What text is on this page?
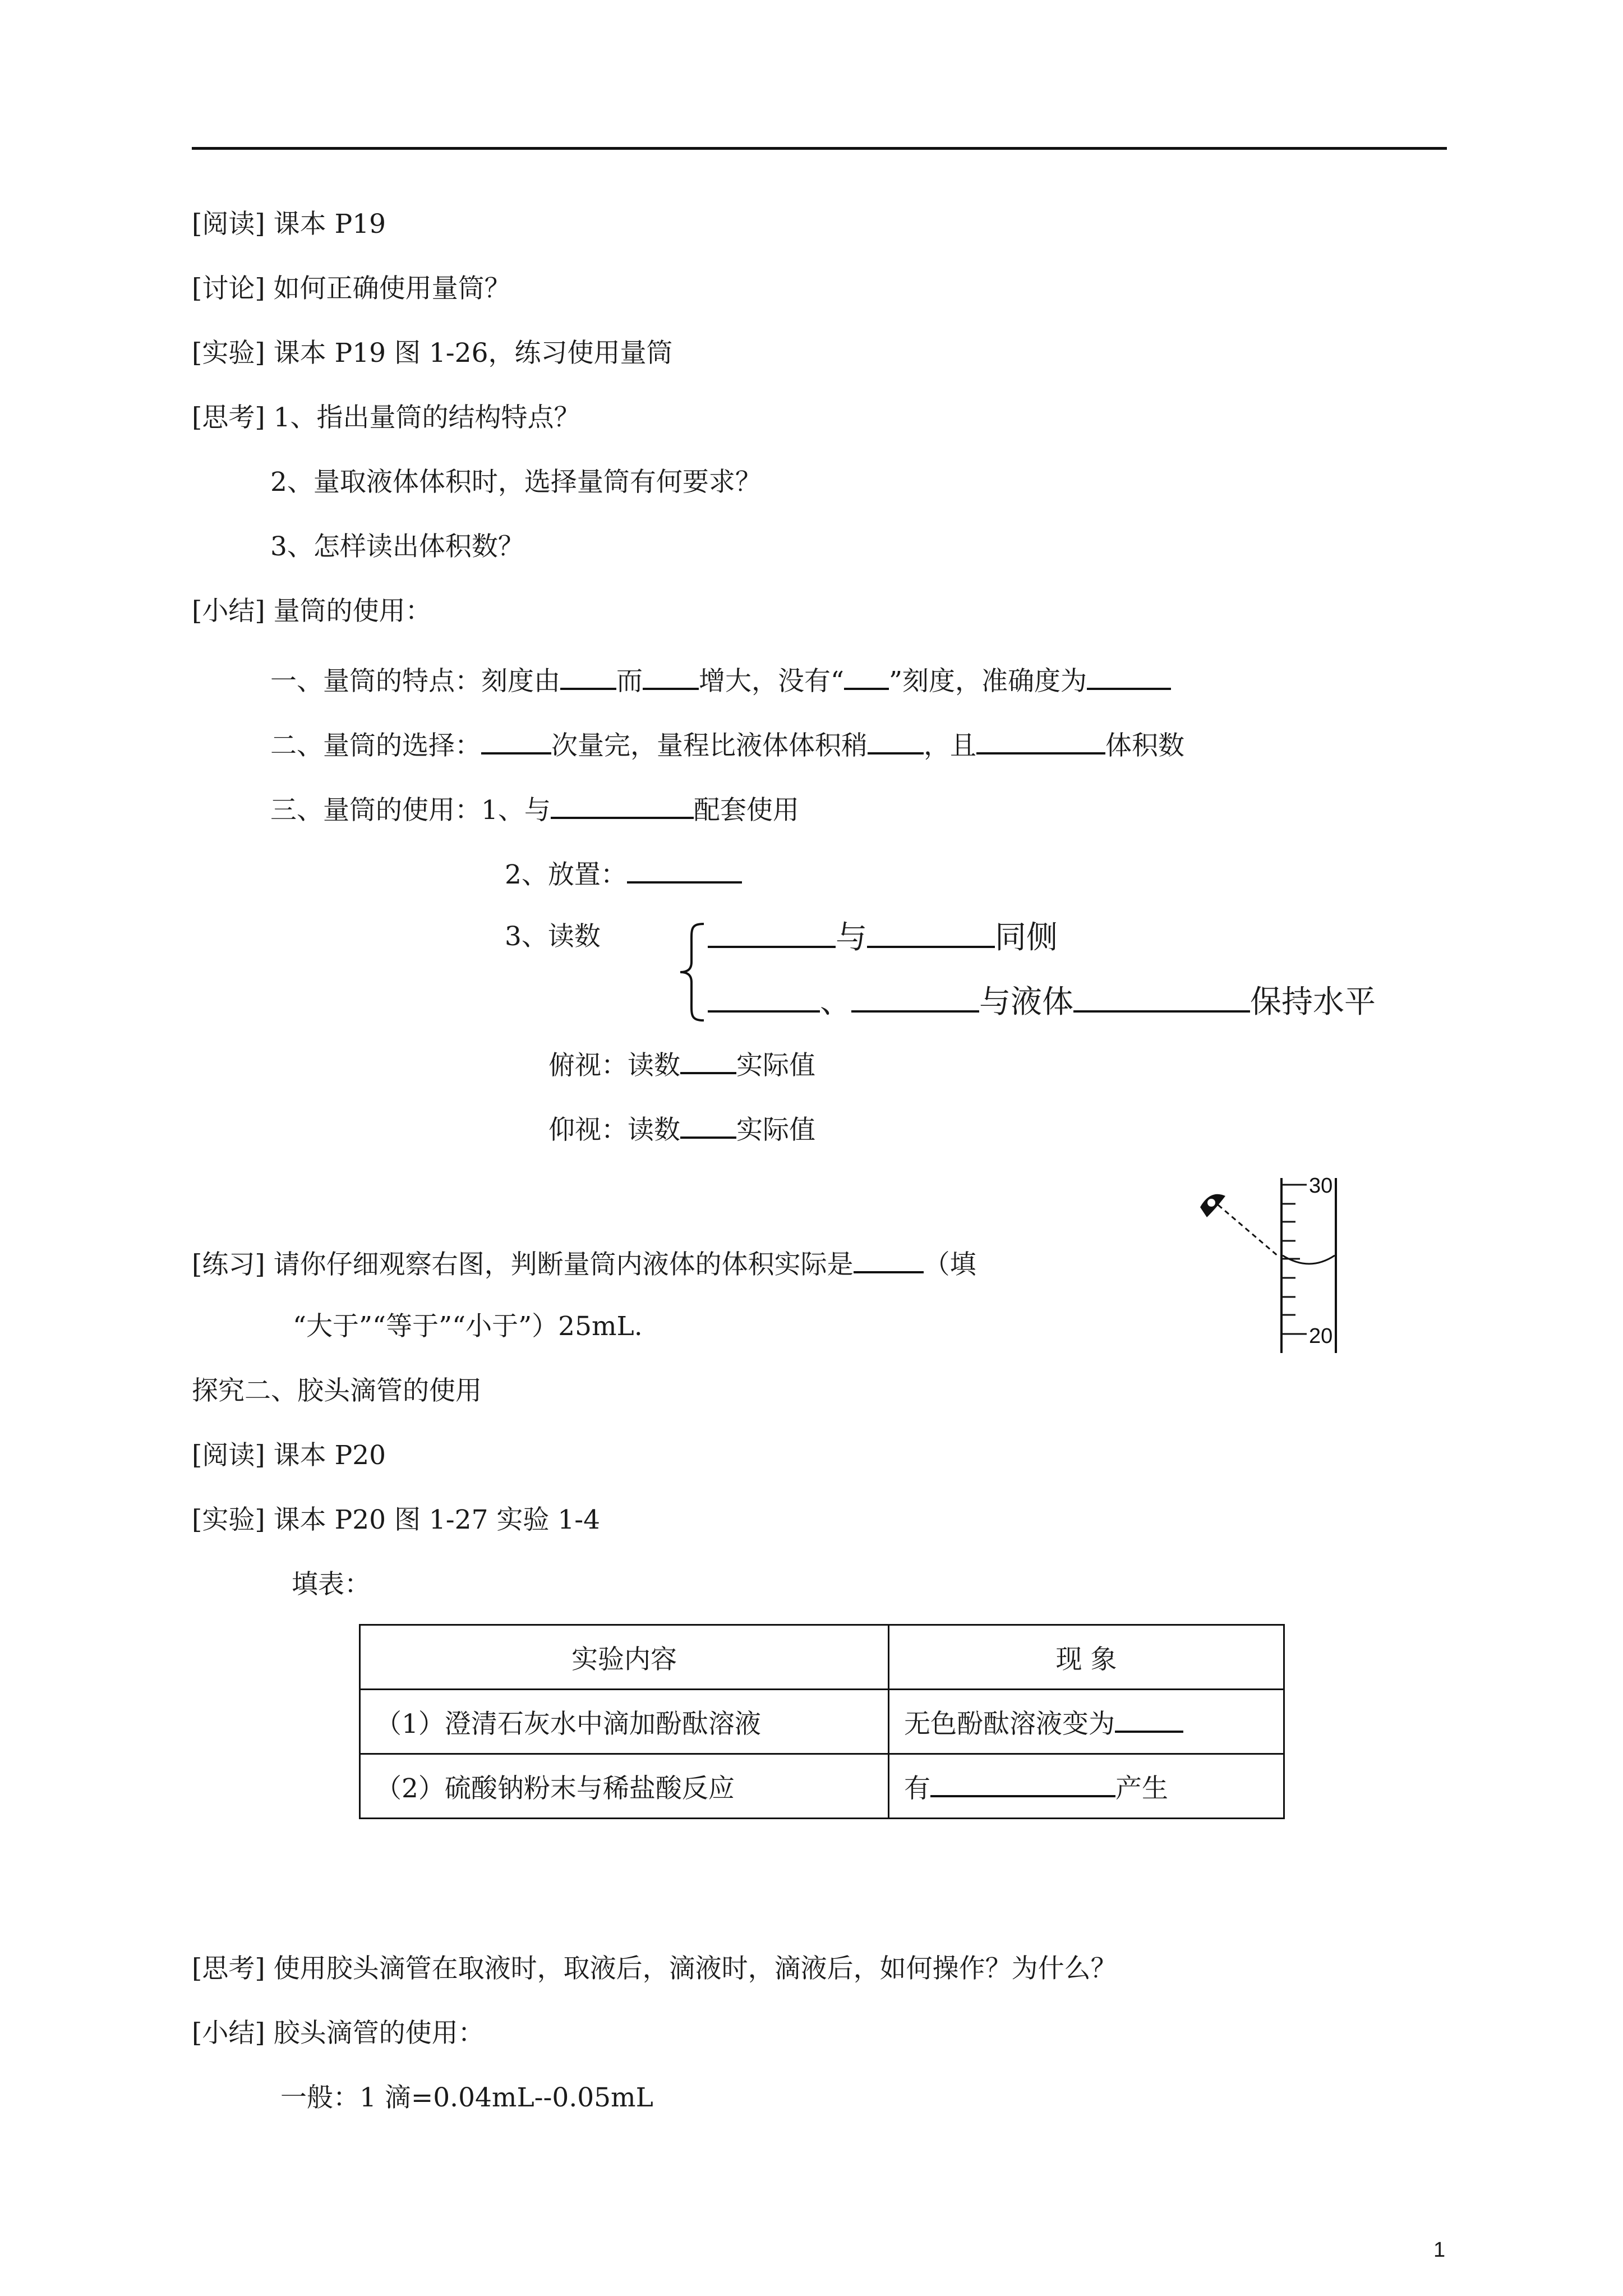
[阅读] 课本 P19
[讨论] 如何正确使用量筒？
[实验] 课本 P19 图 1-26，练习使用量筒
[思考] 1、指出量筒的结构特点？
2、量取液体体积时，选择量筒有何要求？
3、怎样读出体积数？
[小结] 量筒的使用：
一、量筒的特点：刻度由 而 增大，没有“ ”刻度，准确度为
二、量筒的选择：	次量完，量程比液体体积稍 ，且	体积数
三、量筒的使用：1、与	配套使用
2、放置：
3、读数	与	同侧
、	与液体	保持水平
俯视：读数 实际值
仰视：读数 实际值
[练习] 请你仔细观察右图，判断量筒内液体的体积实际是	（填
“大于”“等于”“小于”）25mL.
30
20
探究二、胶头滴管的使用
[阅读] 课本 P20
[实验] 课本 P20 图 1-27 实验 1-4
填表：
实验内容	现 象
（1）澄清石灰水中滴加酚酞溶液	无色酚酞溶液变为
（2）硫酸钠粉末与稀盐酸反应	有 产生
[思考] 使用胶头滴管在取液时，取液后，滴液时，滴液后，如何操作？为什么？
[小结] 胶头滴管的使用：
一般：1 滴=0.04mL--0.05mL
1
